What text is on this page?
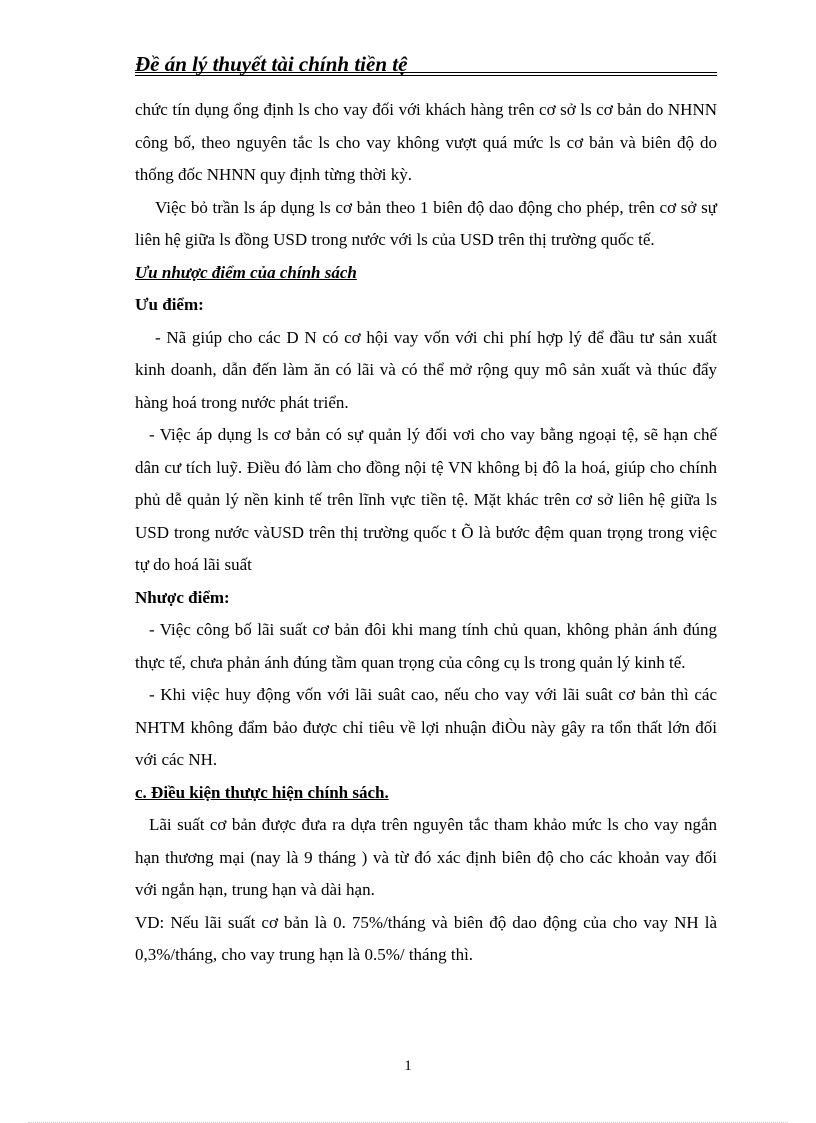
Đề án lý thuyết tài chính tiền tệ

chức tín dụng ổng định ls cho vay đối với khách hàng trên cơ sở ls cơ bản do NHNN công bố, theo nguyên tắc ls cho vay không vượt quá mức ls cơ bản và biên độ do thống đốc NHNN quy định từng thời kỳ.

Việc bỏ trần ls áp dụng ls cơ bản theo 1 biên độ dao động cho phép, trên cơ sở sự liên hệ giữa ls đồng USD trong nước với ls của USD trên thị trường quốc tế.

Ưu nhược điểm của chính sách

Ưu điểm:

- Nã giúp cho các D N có cơ hội vay vốn với chi phí hợp lý để đầu tư sản xuất kinh doanh, dẫn đến làm ăn có lãi và có thể mở rộng quy mô sản xuất và thúc đẩy hàng hoá trong nước phát triển.

- Việc áp dụng ls cơ bản có sự quản lý đối vơi cho vay bằng ngoại tệ, sẽ hạn chế dân cư tích luỹ. Điều đó làm cho đồng nội tệ VN không bị đô la hoá, giúp cho chính phủ dễ quản lý nền kinh tế trên lĩnh vực tiền tệ. Mặt khác trên cơ sở liên hệ giữa ls USD trong nước vàUSD trên thị trường quốc t Õ là bước đệm quan trọng trong việc tự do hoá lãi suất

Nhược điểm:

- Việc công bố lãi suất cơ bản đôi khi mang tính chủ quan, không phản ánh đúng thực tế, chưa phản ánh đúng tầm quan trọng của công cụ ls trong quản lý kinh tế.

- Khi việc huy động vốn với lãi suât cao, nếu cho vay với lãi suât cơ bản thì các NHTM không đẩm bảo được chỉ tiêu về lợi nhuận điÒu này gây ra tổn thất lớn đối với các NH.

c. Điều kiện thưực hiện chính sách.

Lãi suất cơ bản được đưa ra dựa trên nguyên tắc tham khảo mức ls cho vay ngắn hạn thương mại (nay là 9 tháng ) và từ đó xác định biên độ cho các khoản vay đối với ngắn hạn, trung hạn và dài hạn.

VD: Nếu lãi suất cơ bản là 0. 75%/tháng và biên độ dao động của cho vay NH là 0,3%/tháng, cho vay trung hạn là 0.5%/ tháng thì.

1
